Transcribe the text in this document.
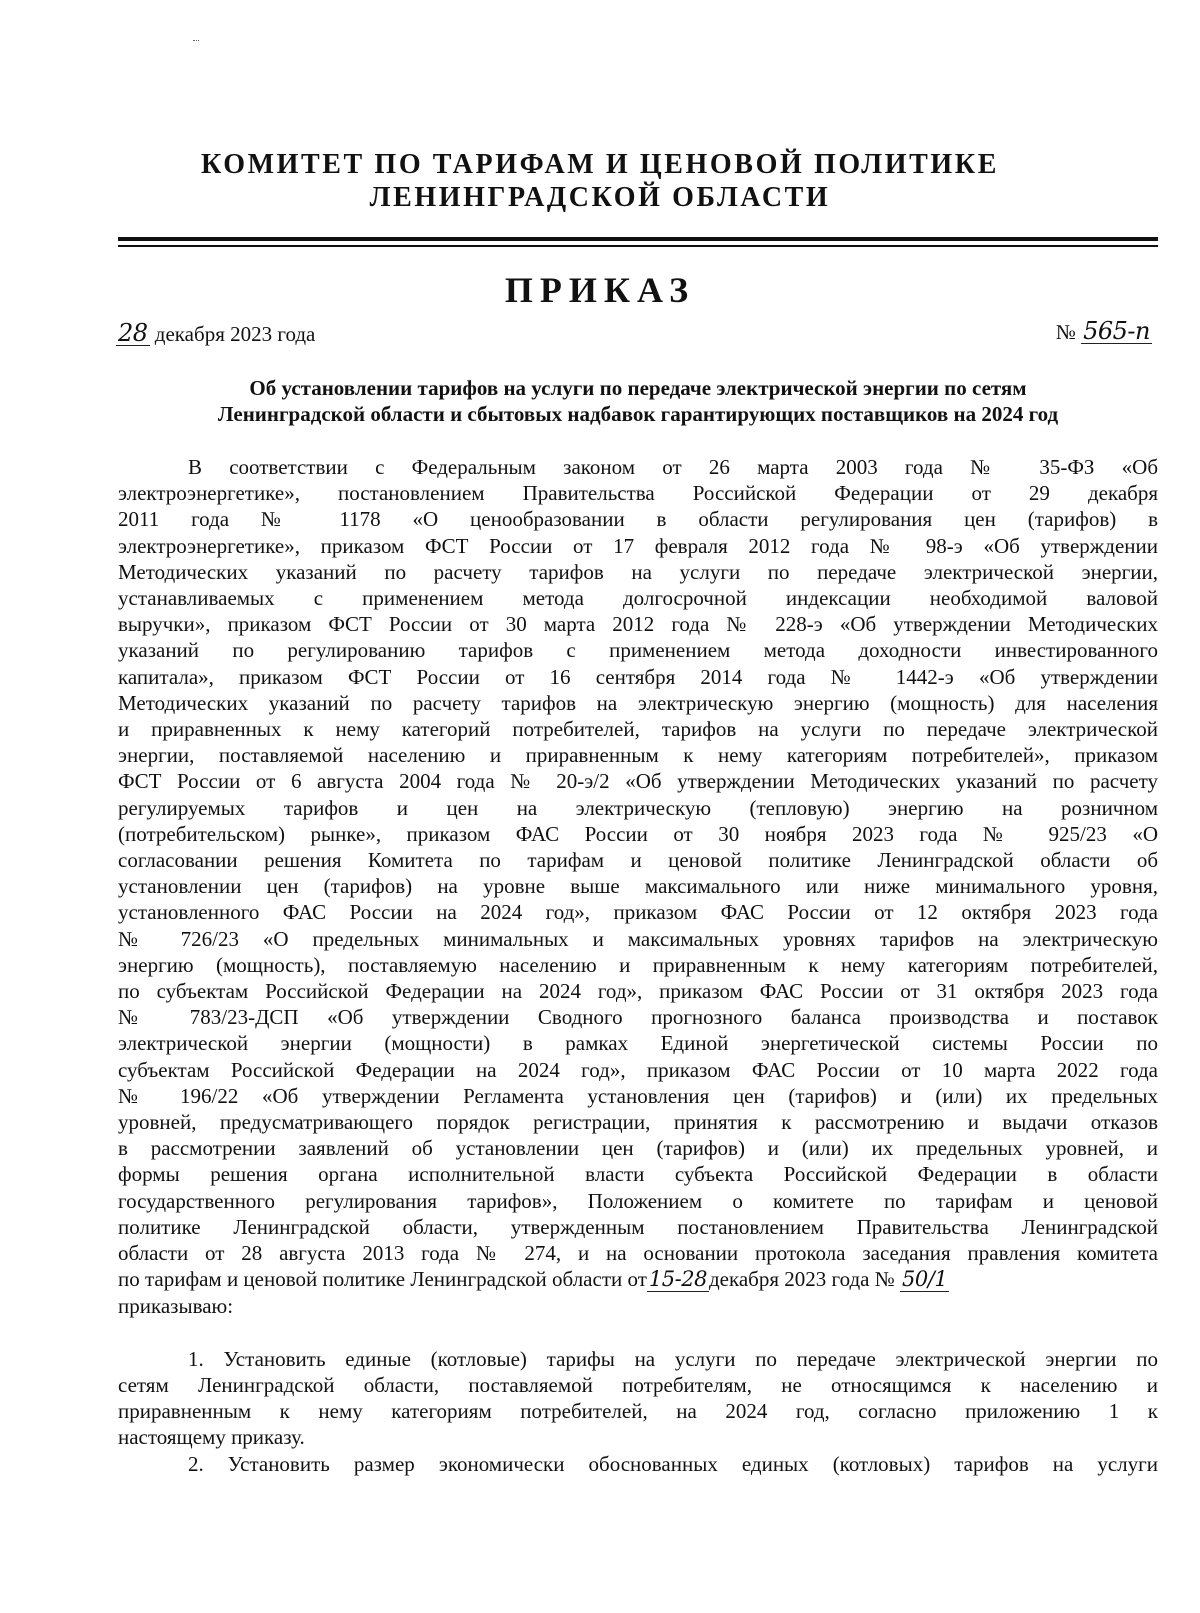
КОМИТЕТ ПО ТАРИФАМ И ЦЕНОВОЙ ПОЛИТИКЕ
ЛЕНИНГРАДСКОЙ ОБЛАСТИ
ПРИКАЗ
28 декабря 2023 года	№ 565-п
Об установлении тарифов на услуги по передаче электрической энергии по сетям
Ленинградской области и сбытовых надбавок гарантирующих поставщиков на 2024 год
В соответствии с Федеральным законом от 26 марта 2003 года № 35-ФЗ «Об
электроэнергетике», постановлением Правительства Российской Федерации от 29 декабря
2011 года № 1178 «О ценообразовании в области регулирования цен (тарифов) в
электроэнергетике», приказом ФСТ России от 17 февраля 2012 года № 98-э «Об утверждении
Методических указаний по расчету тарифов на услуги по передаче электрической энергии,
устанавливаемых с применением метода долгосрочной индексации необходимой валовой
выручки», приказом ФСТ России от 30 марта 2012 года № 228-э «Об утверждении Методических
указаний по регулированию тарифов с применением метода доходности инвестированного
капитала», приказом ФСТ России от 16 сентября 2014 года № 1442-э «Об утверждении
Методических указаний по расчету тарифов на электрическую энергию (мощность) для населения
и приравненных к нему категорий потребителей, тарифов на услуги по передаче электрической
энергии, поставляемой населению и приравненным к нему категориям потребителей», приказом
ФСТ России от 6 августа 2004 года № 20-э/2 «Об утверждении Методических указаний по расчету
регулируемых тарифов и цен на электрическую (тепловую) энергию на розничном
(потребительском) рынке», приказом ФАС России от 30 ноября 2023 года № 925/23 «О
согласовании решения Комитета по тарифам и ценовой политике Ленинградской области об
установлении цен (тарифов) на уровне выше максимального или ниже минимального уровня,
установленного ФАС России на 2024 год», приказом ФАС России от 12 октября 2023 года
№ 726/23 «О предельных минимальных и максимальных уровнях тарифов на электрическую
энергию (мощность), поставляемую населению и приравненным к нему категориям потребителей,
по субъектам Российской Федерации на 2024 год», приказом ФАС России от 31 октября 2023 года
№ 783/23-ДСП «Об утверждении Сводного прогнозного баланса производства и поставок
электрической энергии (мощности) в рамках Единой энергетической системы России по
субъектам Российской Федерации на 2024 год», приказом ФАС России от 10 марта 2022 года
№ 196/22 «Об утверждении Регламента установления цен (тарифов) и (или) их предельных
уровней, предусматривающего порядок регистрации, принятия к рассмотрению и выдачи отказов
в рассмотрении заявлений об установлении цен (тарифов) и (или) их предельных уровней, и
формы решения органа исполнительной власти субъекта Российской Федерации в области
государственного регулирования тарифов», Положением о комитете по тарифам и ценовой
политике Ленинградской области, утвержденным постановлением Правительства Ленинградской
области от 28 августа 2013 года № 274, и на основании протокола заседания правления комитета
по тарифам и ценовой политике Ленинградской области от15-28декабря 2023 года № 50/1
приказываю:
1. Установить единые (котловые) тарифы на услуги по передаче электрической энергии по
сетям Ленинградской области, поставляемой потребителям, не относящимся к населению и
приравненным к нему категориям потребителей, на 2024 год, согласно приложению 1 к
настоящему приказу.
2. Установить размер экономически обоснованных единых (котловых) тарифов на услуги
